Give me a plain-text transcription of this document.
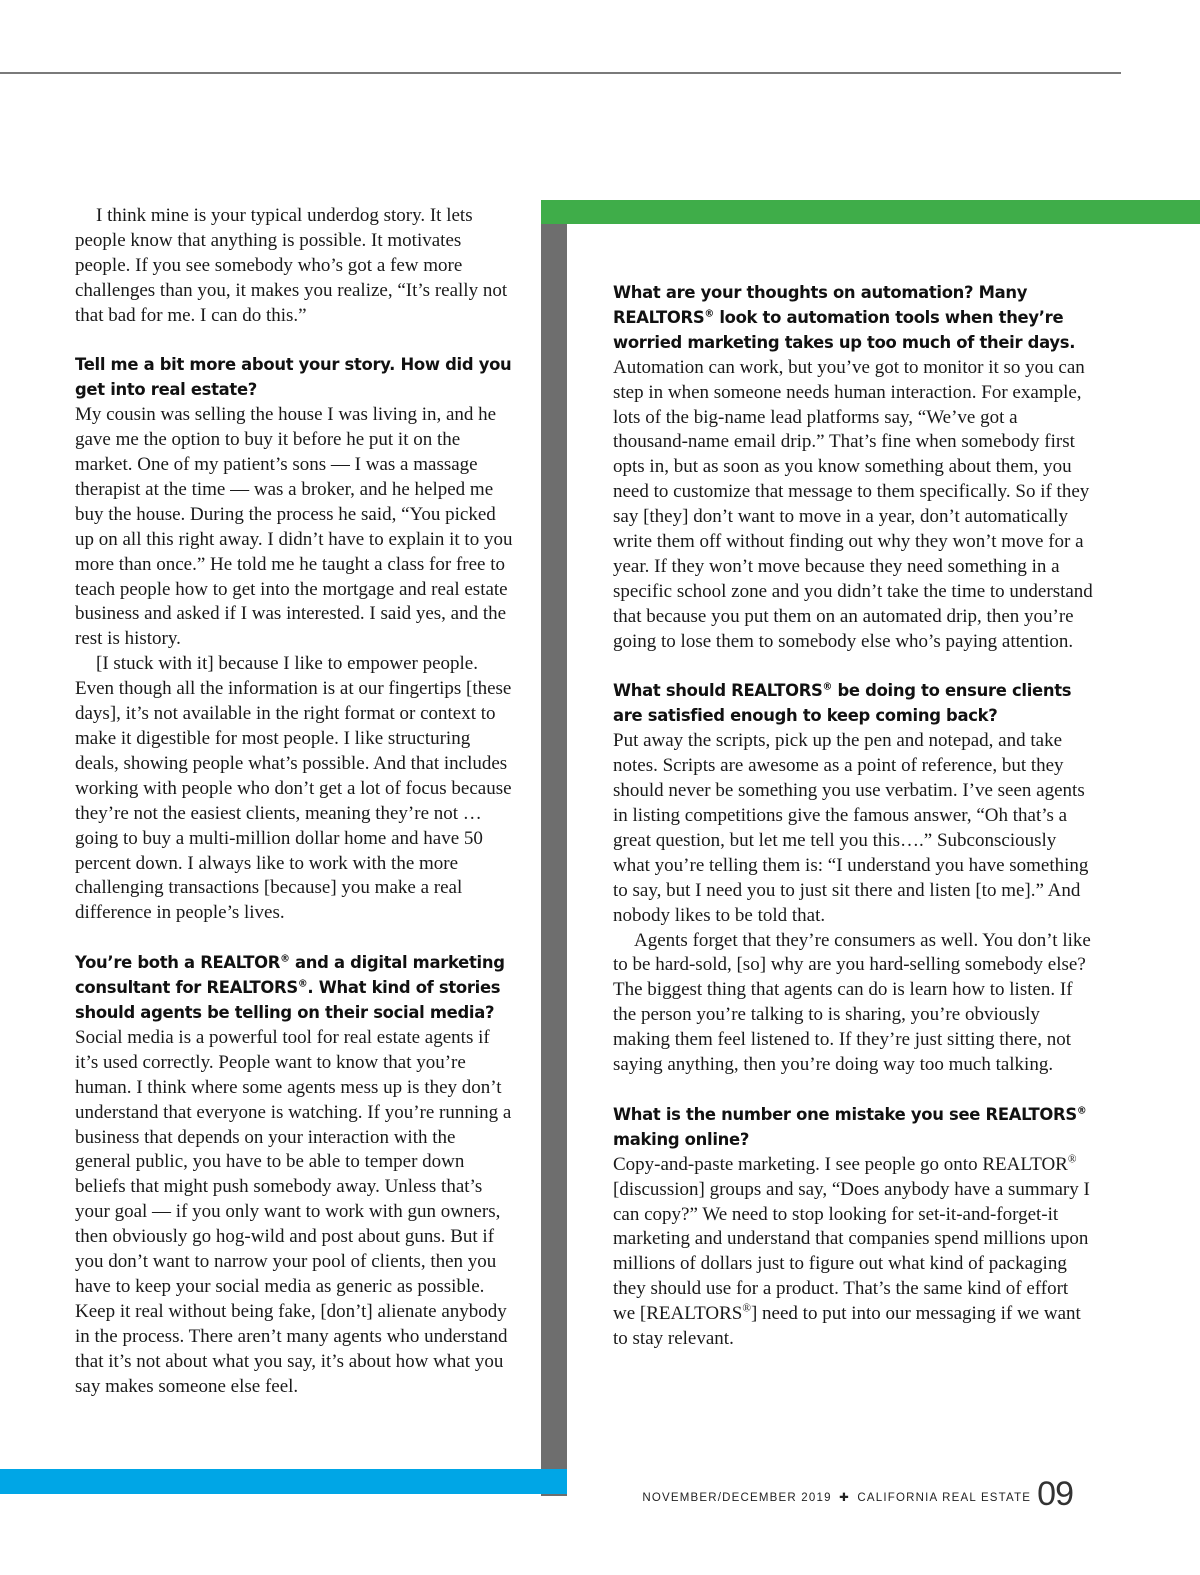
I think mine is your typical underdog story. It lets people know that anything is possible. It motivates people. If you see somebody who’s got a few more challenges than you, it makes you realize, “It’s really not that bad for me. I can do this.”

Tell me a bit more about your story. How did you get into real estate?

My cousin was selling the house I was living in, and he gave me the option to buy it before he put it on the market. One of my patient’s sons — I was a massage therapist at the time — was a broker, and he helped me buy the house. During the process he said, “You picked up on all this right away. I didn’t have to explain it to you more than once.” He told me he taught a class for free to teach people how to get into the mortgage and real estate business and asked if I was interested. I said yes, and the rest is history.

[I stuck with it] because I like to empower people. Even though all the information is at our fingertips [these days], it’s not available in the right format or context to make it digestible for most people. I like structuring deals, showing people what’s possible. And that includes working with people who don’t get a lot of focus because they’re not the easiest clients, meaning they’re not … going to buy a multi-million dollar home and have 50 percent down. I always like to work with the more challenging transactions [because] you make a real difference in people’s lives.

You’re both a REALTOR® and a digital marketing consultant for REALTORS®. What kind of stories should agents be telling on their social media?

Social media is a powerful tool for real estate agents if it’s used correctly. People want to know that you’re human. I think where some agents mess up is they don’t understand that everyone is watching. If you’re running a business that depends on your interaction with the general public, you have to be able to temper down beliefs that might push somebody away. Unless that’s your goal — if you only want to work with gun owners, then obviously go hog-wild and post about guns. But if you don’t want to narrow your pool of clients, then you have to keep your social media as generic as possible. Keep it real without being fake, [don’t] alienate anybody in the process. There aren’t many agents who understand that it’s not about what you say, it’s about how what you say makes someone else feel.

What are your thoughts on automation? Many REALTORS® look to automation tools when they’re worried marketing takes up too much of their days.

Automation can work, but you’ve got to monitor it so you can step in when someone needs human interaction. For example, lots of the big-name lead platforms say, “We’ve got a thousand-name email drip.” That’s fine when somebody first opts in, but as soon as you know something about them, you need to customize that message to them specifically. So if they say [they] don’t want to move in a year, don’t automatically write them off without finding out why they won’t move for a year. If they won’t move because they need something in a specific school zone and you didn’t take the time to understand that because you put them on an automated drip, then you’re going to lose them to somebody else who’s paying attention.

What should REALTORS® be doing to ensure clients are satisfied enough to keep coming back?

Put away the scripts, pick up the pen and notepad, and take notes. Scripts are awesome as a point of reference, but they should never be something you use verbatim. I’ve seen agents in listing competitions give the famous answer, “Oh that’s a great question, but let me tell you this….” Subconsciously what you’re telling them is: “I understand you have something to say, but I need you to just sit there and listen [to me].” And nobody likes to be told that.

Agents forget that they’re consumers as well. You don’t like to be hard-sold, [so] why are you hard-selling somebody else? The biggest thing that agents can do is learn how to listen. If the person you’re talking to is sharing, you’re obviously making them feel listened to. If they’re just sitting there, not saying anything, then you’re doing way too much talking.

What is the number one mistake you see REALTORS® making online?

Copy-and-paste marketing. I see people go onto REALTOR® [discussion] groups and say, “Does anybody have a summary I can copy?” We need to stop looking for set-it-and-forget-it marketing and understand that companies spend millions upon millions of dollars just to figure out what kind of packaging they should use for a product. That’s the same kind of effort we [REALTORS®] need to put into our messaging if we want to stay relevant.

NOVEMBER/DECEMBER 2019 ✚ CALIFORNIA REAL ESTATE 09
